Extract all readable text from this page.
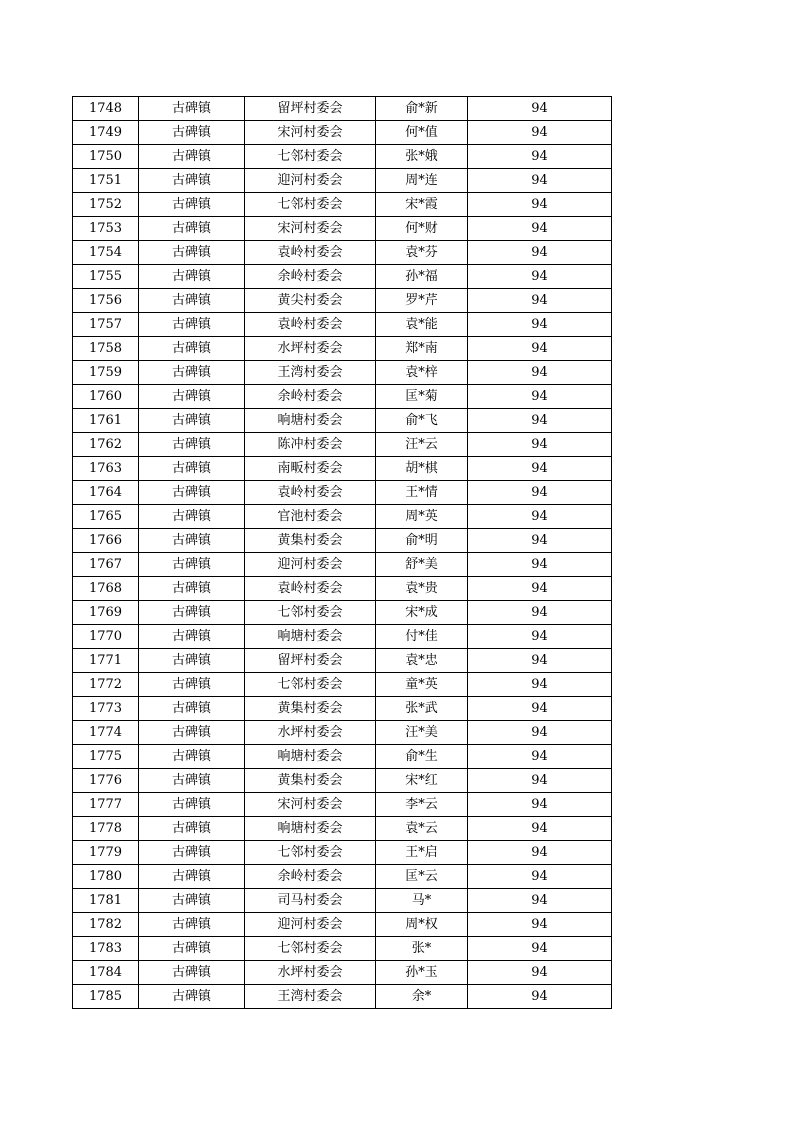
1748	古碑镇	留坪村委会	俞*新	94
1749	古碑镇	宋河村委会	何*值	94
1750	古碑镇	七邻村委会	张*娥	94
1751	古碑镇	迎河村委会	周*连	94
1752	古碑镇	七邻村委会	宋*霞	94
1753	古碑镇	宋河村委会	何*财	94
1754	古碑镇	袁岭村委会	袁*芬	94
1755	古碑镇	余岭村委会	孙*福	94
1756	古碑镇	黄尖村委会	罗*芹	94
1757	古碑镇	袁岭村委会	袁*能	94
1758	古碑镇	水坪村委会	郑*南	94
1759	古碑镇	王湾村委会	袁*梓	94
1760	古碑镇	余岭村委会	匡*菊	94
1761	古碑镇	响塘村委会	俞*飞	94
1762	古碑镇	陈冲村委会	汪*云	94
1763	古碑镇	南畈村委会	胡*棋	94
1764	古碑镇	袁岭村委会	王*情	94
1765	古碑镇	官池村委会	周*英	94
1766	古碑镇	黄集村委会	俞*明	94
1767	古碑镇	迎河村委会	舒*美	94
1768	古碑镇	袁岭村委会	袁*贵	94
1769	古碑镇	七邻村委会	宋*成	94
1770	古碑镇	响塘村委会	付*佳	94
1771	古碑镇	留坪村委会	袁*忠	94
1772	古碑镇	七邻村委会	童*英	94
1773	古碑镇	黄集村委会	张*武	94
1774	古碑镇	水坪村委会	汪*美	94
1775	古碑镇	响塘村委会	俞*生	94
1776	古碑镇	黄集村委会	宋*红	94
1777	古碑镇	宋河村委会	李*云	94
1778	古碑镇	响塘村委会	袁*云	94
1779	古碑镇	七邻村委会	王*启	94
1780	古碑镇	余岭村委会	匡*云	94
1781	古碑镇	司马村委会	马*	94
1782	古碑镇	迎河村委会	周*权	94
1783	古碑镇	七邻村委会	张*	94
1784	古碑镇	水坪村委会	孙*玉	94
1785	古碑镇	王湾村委会	余*	94
